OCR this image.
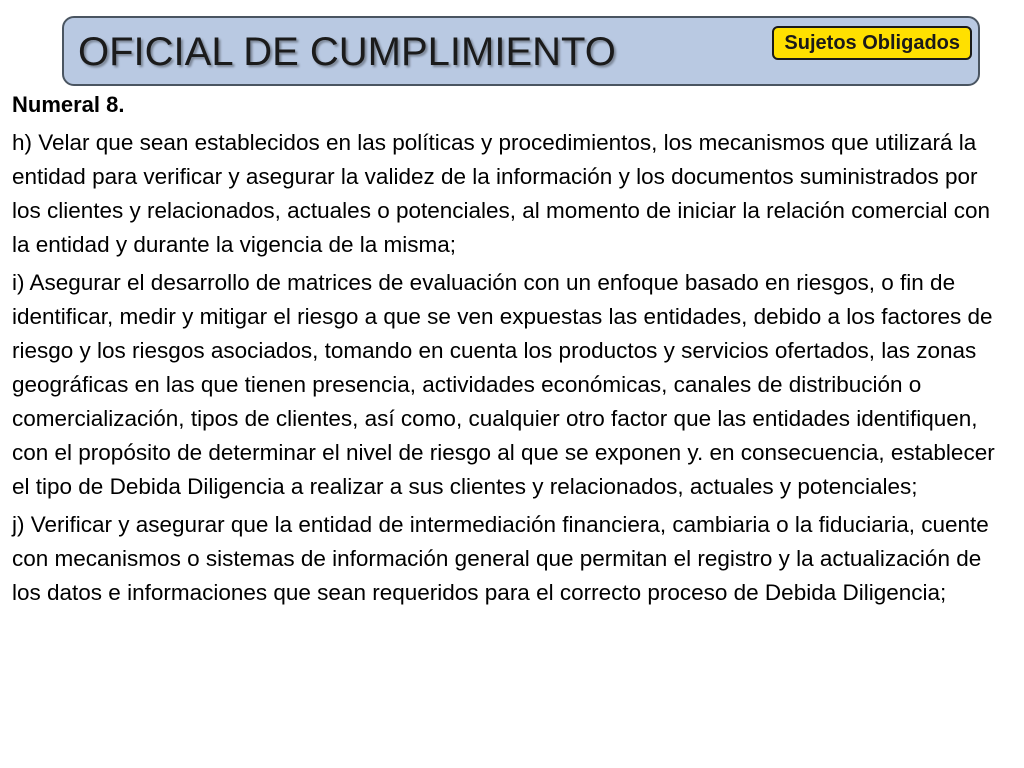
OFICIAL DE CUMPLIMIENTO	Sujetos Obligados

Numeral 8.

h) Velar que sean establecidos en las políticas y procedimientos, los mecanismos que utilizará la entidad para verificar y asegurar la validez de la información y los documentos suministrados por los clientes y relacionados, actuales o potenciales, al momento de iniciar la relación comercial con la entidad y durante la vigencia de la misma;

i) Asegurar el desarrollo de matrices de evaluación con un enfoque basado en riesgos, o fin de identificar, medir y mitigar el riesgo a que se ven expuestas las entidades, debido a los factores de riesgo y los riesgos asociados, tomando en cuenta los productos y servicios ofertados, las zonas geográficas en las que tienen presencia, actividades económicas, canales de distribución o comercialización, tipos de clientes, así como, cualquier otro factor que las entidades identifiquen, con el propósito de determinar el nivel de riesgo al que se exponen y. en consecuencia, establecer el tipo de Debida Diligencia a realizar a sus clientes y relacionados, actuales y potenciales;

j) Verificar y asegurar que la entidad de intermediación financiera, cambiaria o la fiduciaria, cuente con mecanismos o sistemas de información general que permitan el registro y la actualización de los datos e informaciones que sean requeridos para el correcto proceso de Debida Diligencia;
